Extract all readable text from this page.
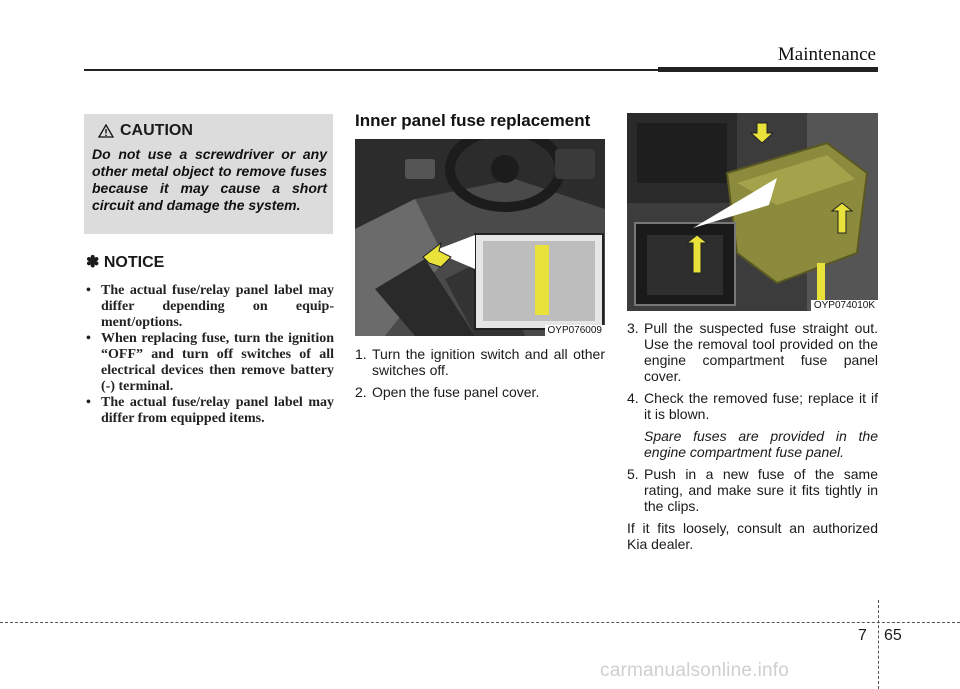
Maintenance
CAUTION
Do not use a screwdriver or any other metal object to remove fuses because it may cause a short circuit and damage the system.
✽ NOTICE
• The actual fuse/relay panel label may differ depending on equip-ment/options.
• When replacing fuse, turn the ignition “OFF” and turn off switches of all electrical devices then remove battery (-) terminal.
• The actual fuse/relay panel label may differ from equipped items.
Inner panel fuse replacement
OYP076009
OYP074010K
1. Turn the ignition switch and all other switches off.
2. Open the fuse panel cover.
3. Pull the suspected fuse straight out. Use the removal tool provided on the engine compartment fuse panel cover.
4. Check the removed fuse; replace it if it is blown.
Spare fuses are provided in the engine compartment fuse panel.
5. Push in a new fuse of the same rating, and make sure it fits tightly in the clips.
If it fits loosely, consult an authorized Kia dealer.
7 65
carmanualsonline.info
